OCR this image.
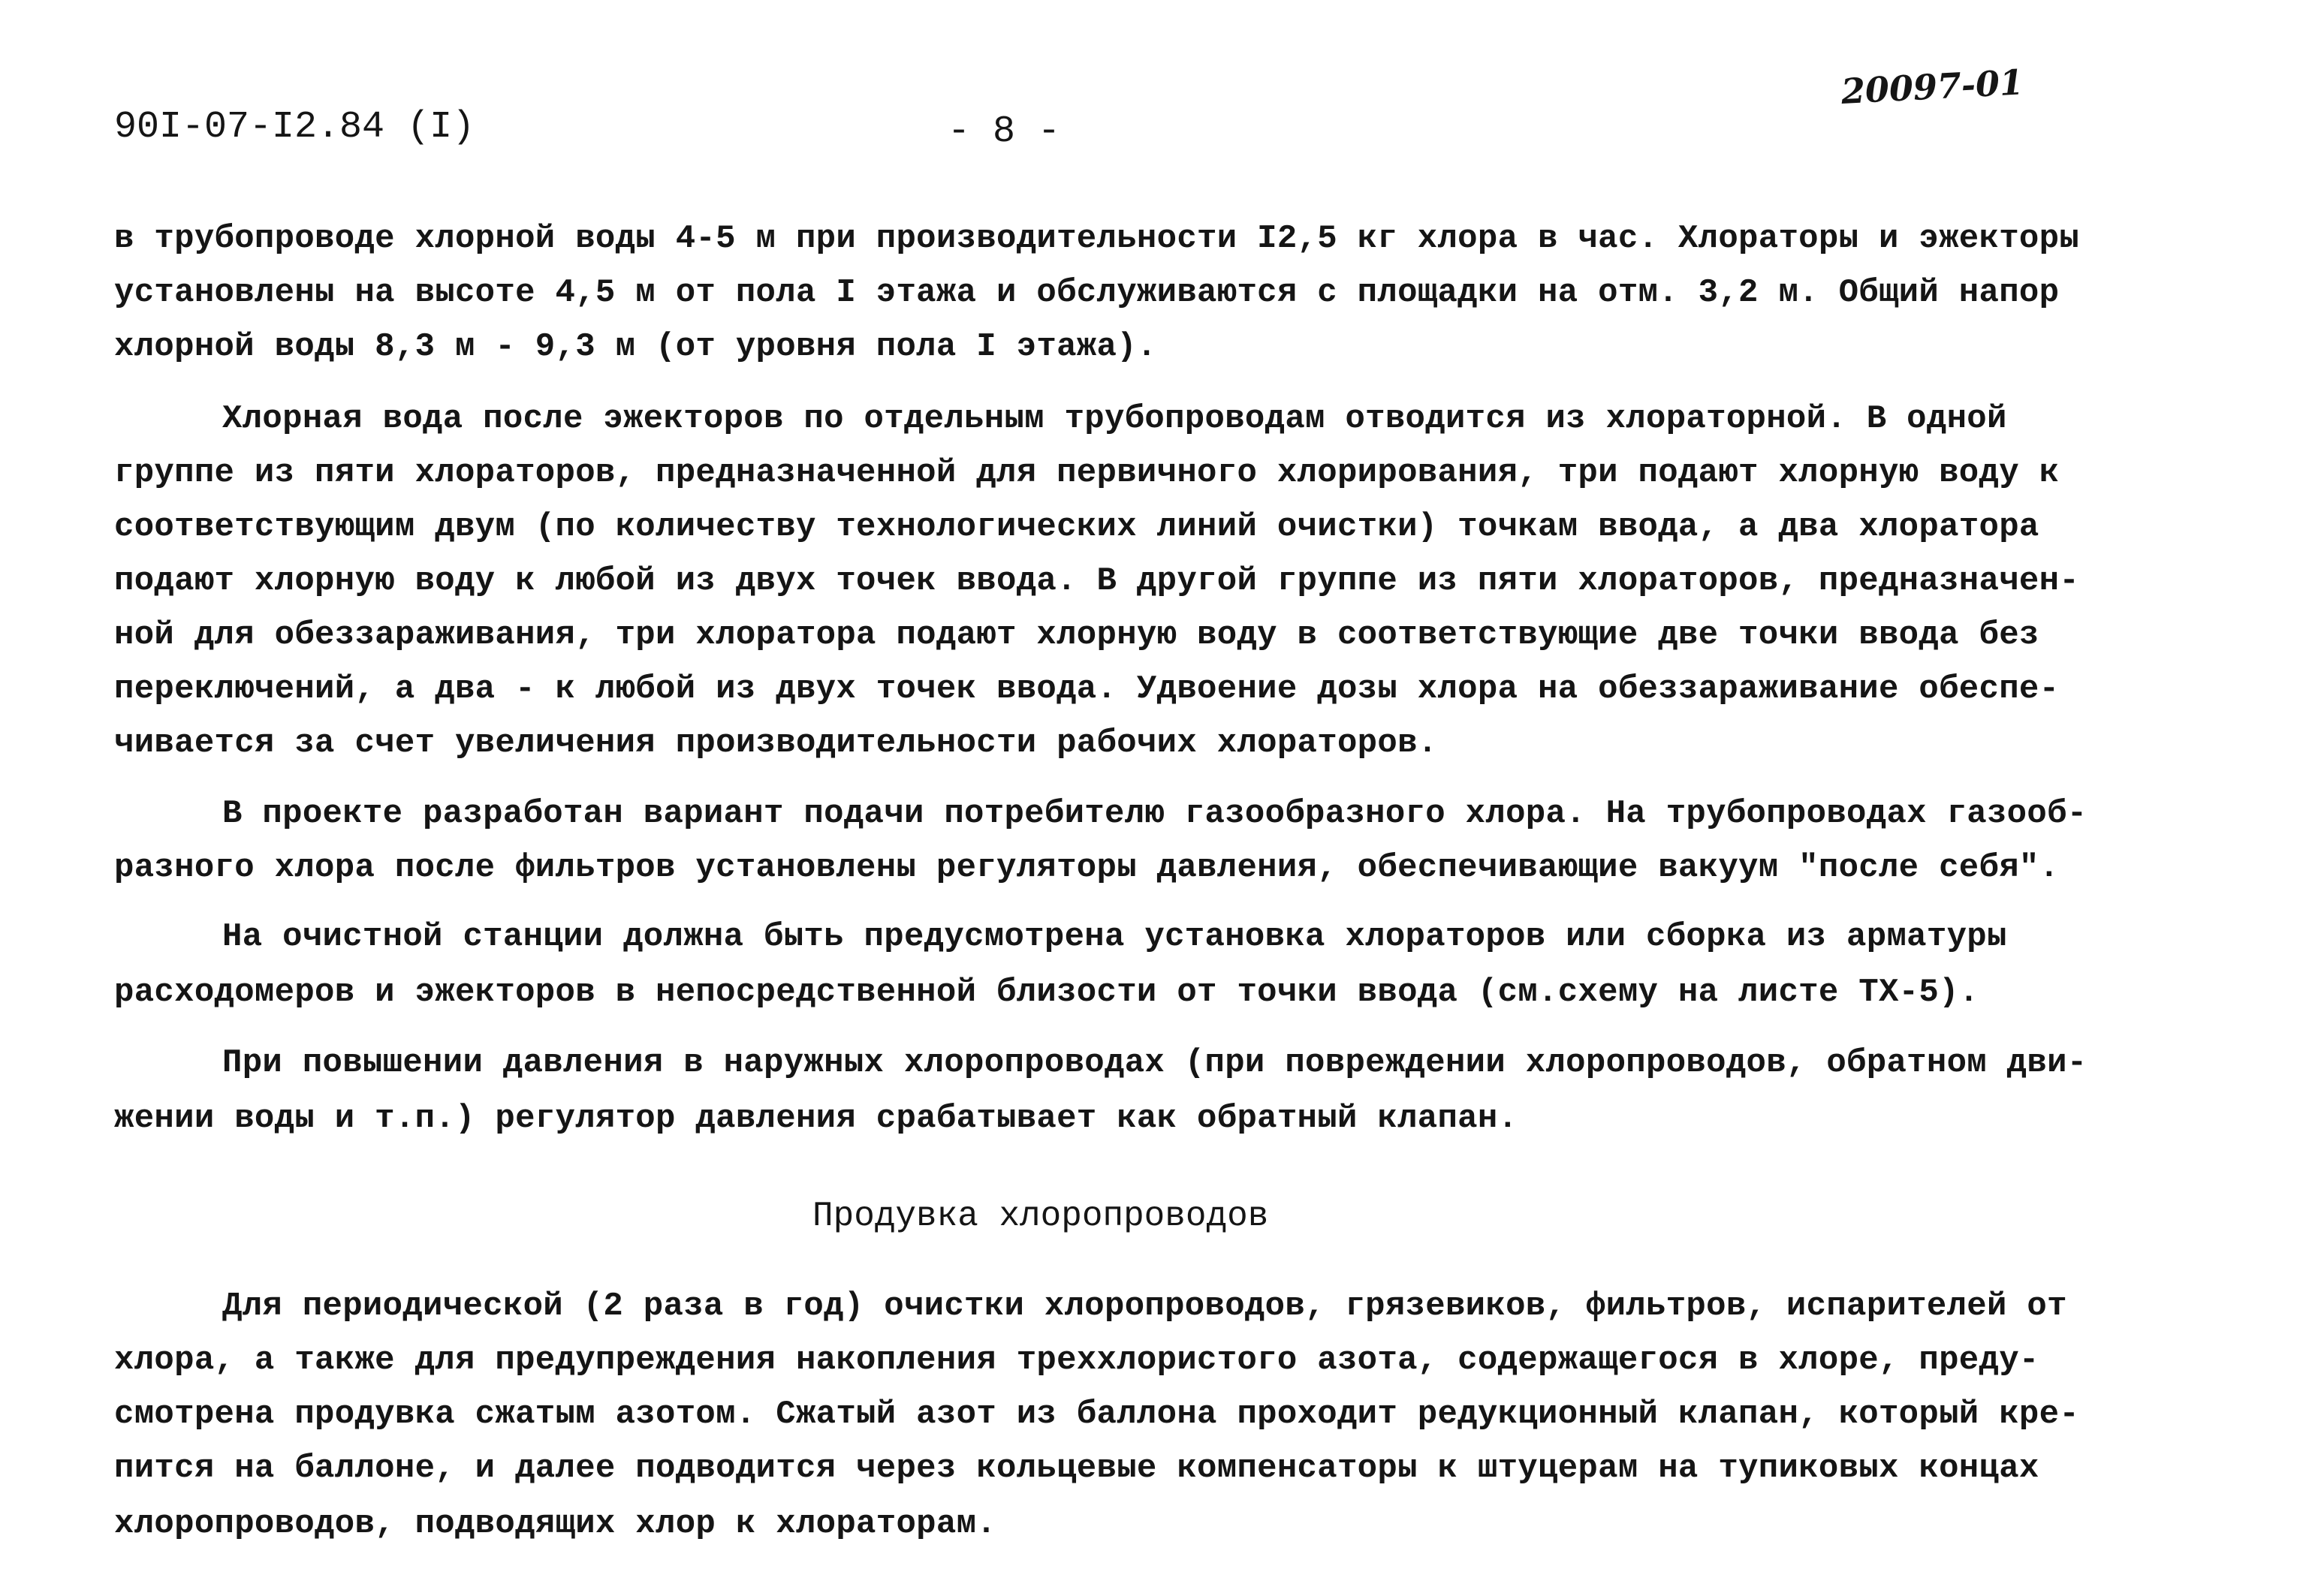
90I-07-I2.84 (I)	- 8 -
20097-01
в трубопроводе хлорной воды 4-5 м при производительности I2,5 кг хлора в час. Хлораторы и эжекторы
установлены на высоте 4,5 м от пола I этажа и обслуживаются с площадки на отм. 3,2 м. Общий напор
хлорной воды 8,3 м - 9,3 м (от уровня пола I этажа).
Хлорная вода после эжекторов по отдельным трубопроводам отводится из хлораторной. В одной
группе из пяти хлораторов, предназначенной для первичного хлорирования, три подают хлорную воду к
соответствующим двум (по количеству технологических линий очистки) точкам ввода, а два хлоратора
подают хлорную воду к любой из двух точек ввода. В другой группе из пяти хлораторов, предназначен-
ной для обеззараживания, три хлоратора подают хлорную воду в соответствующие две точки ввода без
переключений, а два - к любой из двух точек ввода. Удвоение дозы хлора на обеззараживание обеспе-
чивается за счет увеличения производительности рабочих хлораторов.
В проекте разработан вариант подачи потребителю газообразного хлора. На трубопроводах газооб-
разного хлора после фильтров установлены регуляторы давления, обеспечивающие вакуум "после себя".
На очистной станции должна быть предусмотрена установка хлораторов или сборка из арматуры
расходомеров и эжекторов в непосредственной близости от точки ввода (см.схему на листе ТХ-5).
При повышении давления в наружных хлоропроводах (при повреждении хлоропроводов, обратном дви-
жении воды и т.п.) регулятор давления срабатывает как обратный клапан.
Продувка хлоропроводов
Для периодической (2 раза в год) очистки хлоропроводов, грязевиков, фильтров, испарителей от
хлора, а также для предупреждения накопления треххлористого азота, содержащегося в хлоре, преду-
смотрена продувка сжатым азотом. Сжатый азот из баллона проходит редукционный клапан, который кре-
пится на баллоне, и далее подводится через кольцевые компенсаторы к штуцерам на тупиковых концах
хлоропроводов, подводящих хлор к хлораторам.
